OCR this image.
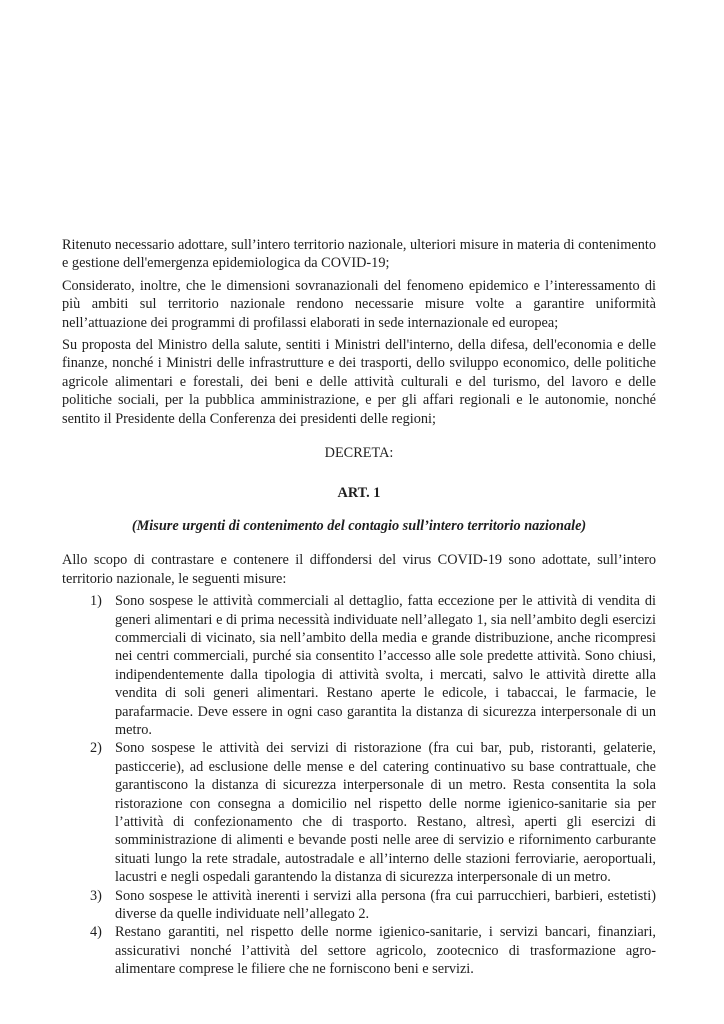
Ritenuto necessario adottare, sull’intero territorio nazionale, ulteriori misure in materia di contenimento e gestione dell'emergenza epidemiologica da COVID-19;

Considerato, inoltre, che le dimensioni sovranazionali del fenomeno epidemico e l’interessamento di più ambiti sul territorio nazionale rendono necessarie misure volte a garantire uniformità nell’attuazione dei programmi di profilassi elaborati in sede internazionale ed europea;

Su proposta del Ministro della salute, sentiti i Ministri dell'interno, della difesa, dell'economia e delle finanze, nonché i Ministri delle infrastrutture e dei trasporti, dello sviluppo economico, delle politiche agricole alimentari e forestali, dei beni e delle attività culturali e del turismo, del lavoro e delle politiche sociali, per la pubblica amministrazione, e per gli affari regionali e le autonomie, nonché sentito il Presidente della Conferenza dei presidenti delle regioni;

DECRETA:

ART. 1

(Misure urgenti di contenimento del contagio sull’intero territorio nazionale)

Allo scopo di contrastare e contenere il diffondersi del virus COVID-19 sono adottate, sull’intero territorio nazionale, le seguenti misure:

1) Sono sospese le attività commerciali al dettaglio, fatta eccezione per le attività di vendita di generi alimentari e di prima necessità individuate nell’allegato 1, sia nell’ambito degli esercizi commerciali di vicinato, sia nell’ambito della media e grande distribuzione, anche ricompresi nei centri commerciali, purché sia consentito l’accesso alle sole predette attività. Sono chiusi, indipendentemente dalla tipologia di attività svolta, i mercati, salvo le attività dirette alla vendita di soli generi alimentari. Restano aperte le edicole, i tabaccai, le farmacie, le parafarmacie. Deve essere in ogni caso garantita la distanza di sicurezza interpersonale di un metro.
2) Sono sospese le attività dei servizi di ristorazione (fra cui bar, pub, ristoranti, gelaterie, pasticcerie), ad esclusione delle mense e del catering continuativo su base contrattuale, che garantiscono la distanza di sicurezza interpersonale di un metro. Resta consentita la sola ristorazione con consegna a domicilio nel rispetto delle norme igienico-sanitarie sia per l’attività di confezionamento che di trasporto. Restano, altresì, aperti gli esercizi di somministrazione di alimenti e bevande posti nelle aree di servizio e rifornimento carburante situati lungo la rete stradale, autostradale e all’interno delle stazioni ferroviarie, aeroportuali, lacustri e negli ospedali garantendo la distanza di sicurezza interpersonale di un metro.
3) Sono sospese le attività inerenti i servizi alla persona (fra cui parrucchieri, barbieri, estetisti) diverse da quelle individuate nell’allegato 2.
4) Restano garantiti, nel rispetto delle norme igienico-sanitarie, i servizi bancari, finanziari, assicurativi nonché l’attività del settore agricolo, zootecnico di trasformazione agro-alimentare comprese le filiere che ne forniscono beni e servizi.
